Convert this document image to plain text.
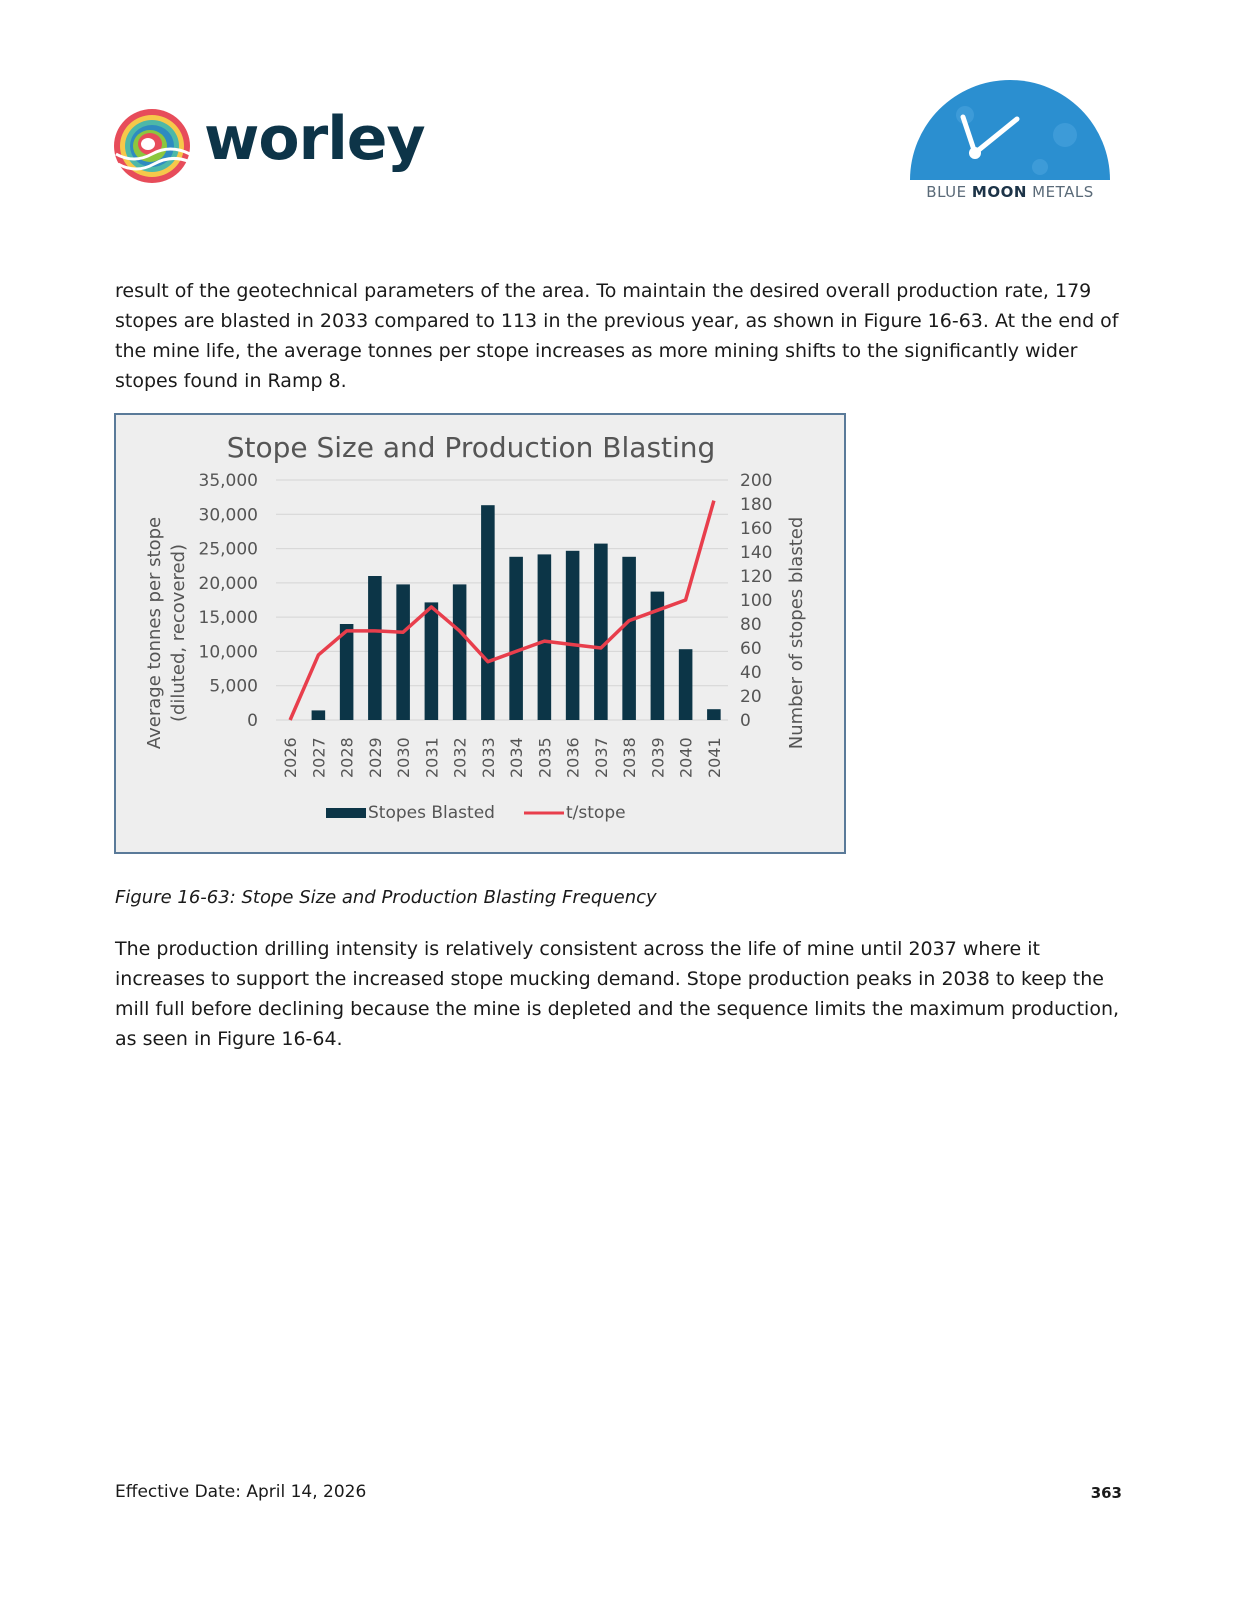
worley
BLUE MOON METALS
result of the geotechnical parameters of the area. To maintain the desired overall production rate, 179 stopes are blasted in 2033 compared to 113 in the previous year, as shown in Figure 16-63. At the end of the mine life, the average tonnes per stope increases as more mining shifts to the significantly wider stopes found in Ramp 8.
Stope Size and Production Blasting
35,000
30,000
25,000
20,000
15,000
10,000
5,000
0
200
180
160
140
120
100
80
60
40
20
0
2026 2027 2028 2029 2030 2031 2032 2033 2034 2035 2036 2037 2038 2039 2040 2041
Average tonnes per stope (diluted, recovered)	Number of stopes blasted
Stopes Blasted	t/stope
Figure 16-63: Stope Size and Production Blasting Frequency
The production drilling intensity is relatively consistent across the life of mine until 2037 where it increases to support the increased stope mucking demand. Stope production peaks in 2038 to keep the mill full before declining because the mine is depleted and the sequence limits the maximum production, as seen in Figure 16-64.
Effective Date: April 14, 2026	363
